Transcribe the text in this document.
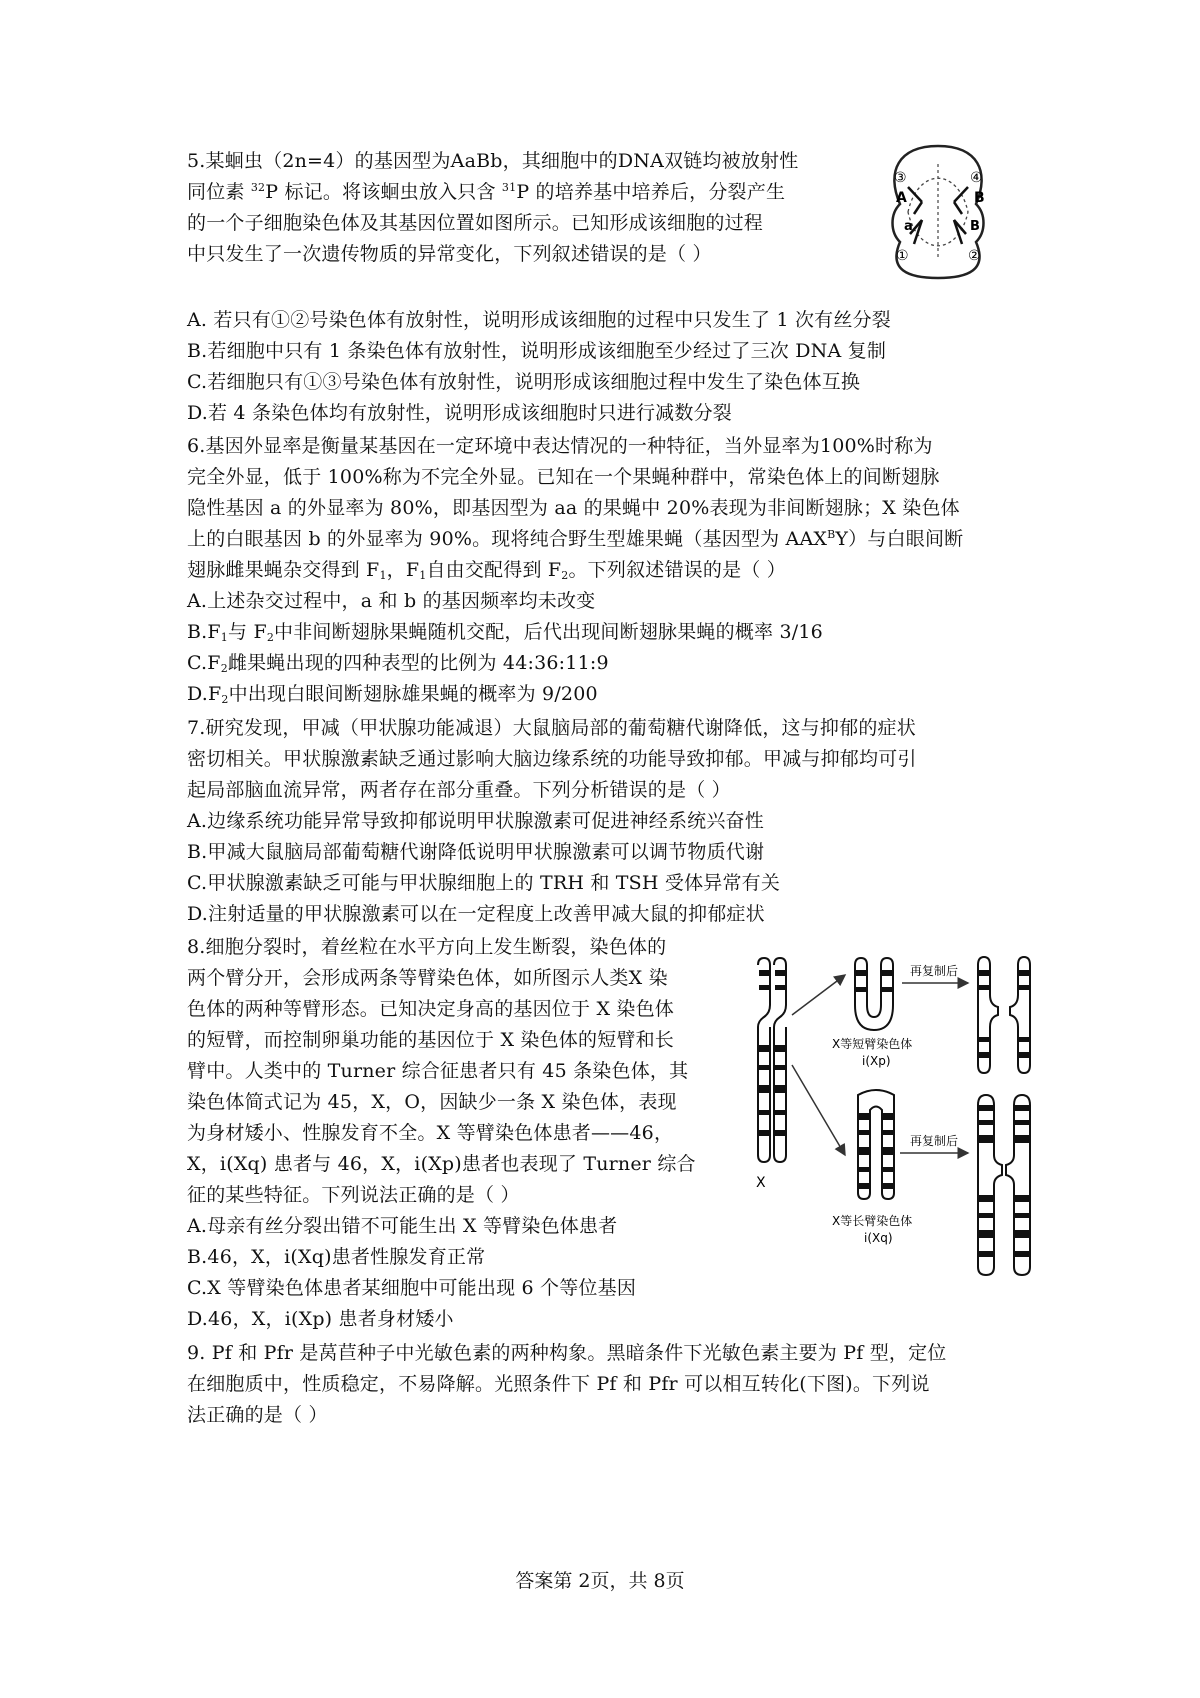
5.某蛔虫（2n=4）的基因型为AaBb，其细胞中的DNA双链均被放射性
同位素 $^{32}$P 标记。将该蛔虫放入只含 $^{31}$P 的培养基中培养后，分裂产生
的一个子细胞染色体及其基因位置如图所示。已知形成该细胞的过程
中只发生了一次遗传物质的异常变化，下列叙述错误的是（ ）
A. 若只有①②号染色体有放射性，说明形成该细胞的过程中只发生了 1 次有丝分裂
B.若细胞中只有 1 条染色体有放射性，说明形成该细胞至少经过了三次 DNA 复制
C.若细胞只有①③号染色体有放射性，说明形成该细胞过程中发生了染色体互换
D.若 4 条染色体均有放射性，说明形成该细胞时只进行减数分裂
③	④
A	B
a	B
①	②
6.基因外显率是衡量某基因在一定环境中表达情况的一种特征，当外显率为100%时称为
完全外显，低于 100%称为不完全外显。已知在一个果蝇种群中，常染色体上的间断翅脉
隐性基因 a 的外显率为 80%，即基因型为 aa 的果蝇中 20%表现为非间断翅脉；X 染色体
上的白眼基因 b 的外显率为 90%。现将纯合野生型雄果蝇（基因型为 $AAX^BY$）与白眼间断
翅脉雌果蝇杂交得到 $F_1$，$F_1$自由交配得到 $F_2$。下列叙述错误的是（ ）
A.上述杂交过程中，a 和 b 的基因频率均未改变
$B.F_1$与 $F_2$中非间断翅脉果蝇随机交配，后代出现间断翅脉果蝇的概率 3/16
$C.F_2$雌果蝇出现的四种表型的比例为 44:36:11:9
$D.F_2$中出现白眼间断翅脉雄果蝇的概率为 9/200
7.研究发现，甲减（甲状腺功能减退）大鼠脑局部的葡萄糖代谢降低，这与抑郁的症状
密切相关。甲状腺激素缺乏通过影响大脑边缘系统的功能导致抑郁。甲减与抑郁均可引
起局部脑血流异常，两者存在部分重叠。下列分析错误的是（ ）
A.边缘系统功能异常导致抑郁说明甲状腺激素可促进神经系统兴奋性
B.甲减大鼠脑局部葡萄糖代谢降低说明甲状腺激素可以调节物质代谢
C.甲状腺激素缺乏可能与甲状腺细胞上的 TRH 和 TSH 受体异常有关
D.注射适量的甲状腺激素可以在一定程度上改善甲减大鼠的抑郁症状
8.细胞分裂时，着丝粒在水平方向上发生断裂，染色体的
两个臂分开，会形成两条等臂染色体，如所图示人类X 染
色体的两种等臂形态。已知决定身高的基因位于 X 染色体
的短臂，而控制卵巢功能的基因位于 X 染色体的短臂和长
臂中。人类中的 Turner 综合征患者只有 45 条染色体，其
染色体简式记为 45，X，O，因缺少一条 X 染色体，表现
为身材矮小、性腺发育不全。X 等臂染色体患者——46，
X，i(Xq) 患者与 46，X，i(Xp)患者也表现了 Turner 综合
征的某些特征。下列说法正确的是（ ）
A.母亲有丝分裂出错不可能生出 X 等臂染色体患者
B.46，X，i(Xq)患者性腺发育正常
C.X 等臂染色体患者某细胞中可能出现 6 个等位基因
D.46，X，i(Xp) 患者身材矮小
X
X等短臂染色体
i(Xp)
再复制后
X等长臂染色体
i(Xq)
再复制后
9. Pf 和 Pfr 是莴苣种子中光敏色素的两种构象。黑暗条件下光敏色素主要为 Pf 型，定位
在细胞质中，性质稳定，不易降解。光照条件下 Pf 和 Pfr 可以相互转化(下图)。下列说
法正确的是（ ）
答案第 2页，共 8页
